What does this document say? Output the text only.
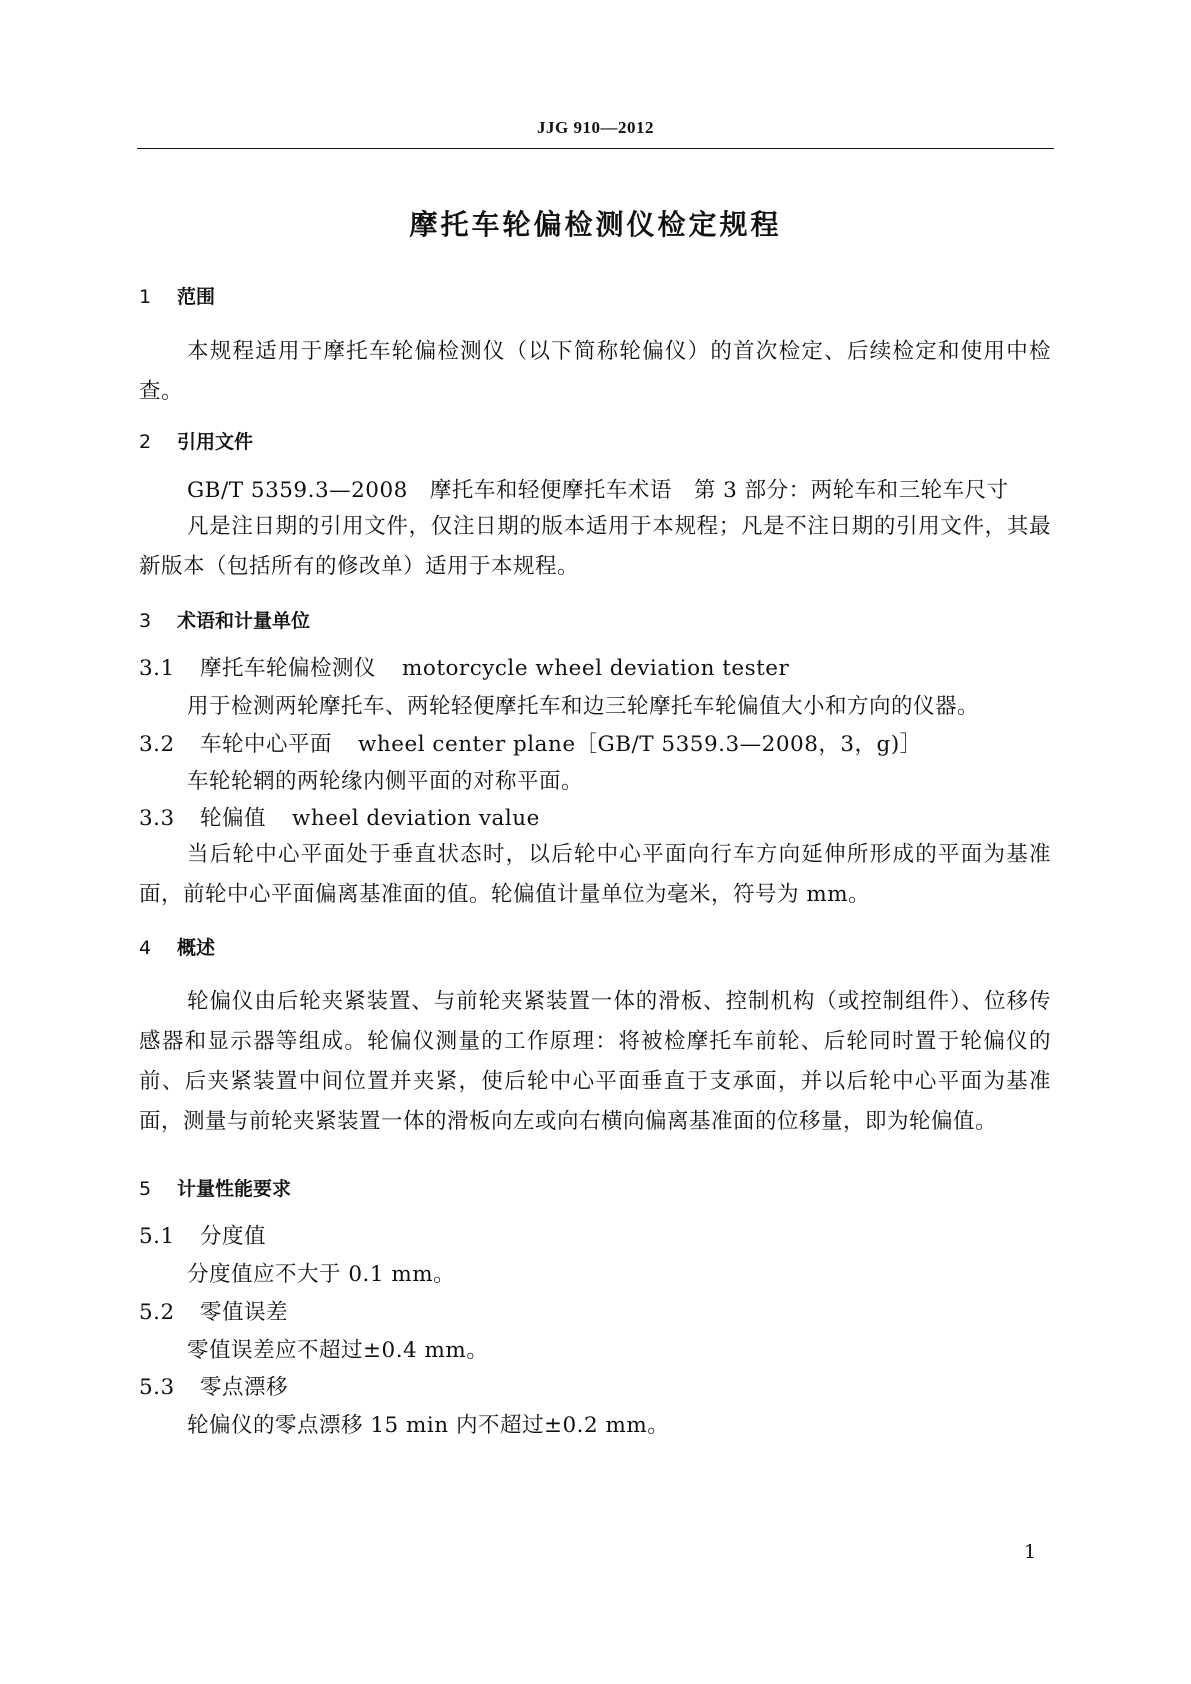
JJG 910—2012
摩托车轮偏检测仪检定规程
1 范围
本规程适用于摩托车轮偏检测仪（以下简称轮偏仪）的首次检定、后续检定和使用中检查。
2 引用文件
GB/T 5359.3—2008　摩托车和轻便摩托车术语　第 3 部分：两轮车和三轮车尺寸
凡是注日期的引用文件，仅注日期的版本适用于本规程；凡是不注日期的引用文件，其最新版本（包括所有的修改单）适用于本规程。
3 术语和计量单位
3.1 摩托车轮偏检测仪 motorcycle wheel deviation tester
用于检测两轮摩托车、两轮轻便摩托车和边三轮摩托车轮偏值大小和方向的仪器。
3.2 车轮中心平面 wheel center plane［GB/T 5359.3—2008，3，g)］
车轮轮辋的两轮缘内侧平面的对称平面。
3.3 轮偏值 wheel deviation value
当后轮中心平面处于垂直状态时，以后轮中心平面向行车方向延伸所形成的平面为基准面，前轮中心平面偏离基准面的值。轮偏值计量单位为毫米，符号为 mm。
4 概述
轮偏仪由后轮夹紧装置、与前轮夹紧装置一体的滑板、控制机构（或控制组件）、位移传感器和显示器等组成。轮偏仪测量的工作原理：将被检摩托车前轮、后轮同时置于轮偏仪的前、后夹紧装置中间位置并夹紧，使后轮中心平面垂直于支承面，并以后轮中心平面为基准面，测量与前轮夹紧装置一体的滑板向左或向右横向偏离基准面的位移量，即为轮偏值。
5 计量性能要求
5.1 分度值
分度值应不大于 0.1 mm。
5.2 零值误差
零值误差应不超过±0.4 mm。
5.3 零点漂移
轮偏仪的零点漂移 15 min 内不超过±0.2 mm。
1
